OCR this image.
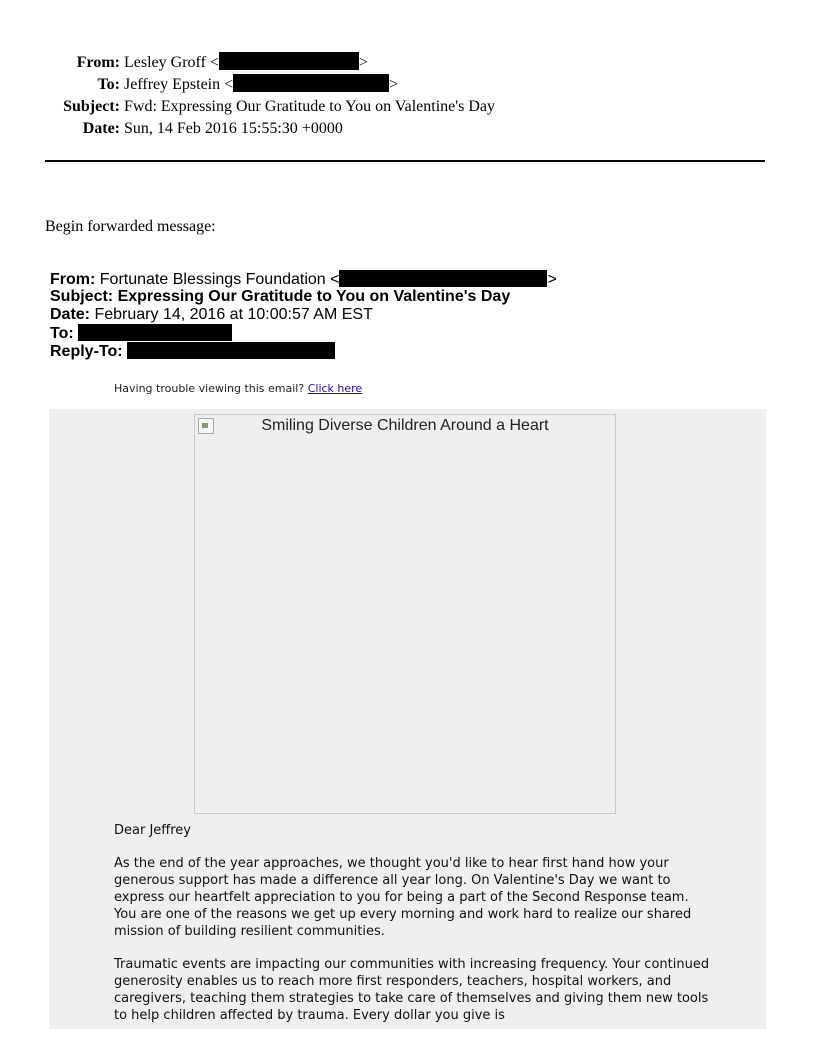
From: Lesley Groff <	>
To: Jeffrey Epstein <	>
Subject: Fwd: Expressing Our Gratitude to You on Valentine's Day
Date: Sun, 14 Feb 2016 15:55:30 +0000
Begin forwarded message:
From: Fortunate Blessings Foundation <	>
Subject: Expressing Our Gratitude to You on Valentine's Day
Date: February 14, 2016 at 10:00:57 AM EST
To:
Reply-To:
Having trouble viewing this email? Click here
Smiling Diverse Children Around a Heart

Dear Jeffrey

As the end of the year approaches, we thought you'd like to hear first hand how your generous support has made a difference all year long. On Valentine's Day we want to express our heartfelt appreciation to you for being a part of the Second Response team. You are one of the reasons we get up every morning and work hard to realize our shared mission of building resilient communities.

Traumatic events are impacting our communities with increasing frequency. Your continued generosity enables us to reach more first responders, teachers, hospital workers, and caregivers, teaching them strategies to take care of themselves and giving them new tools to help children affected by trauma. Every dollar you give is
